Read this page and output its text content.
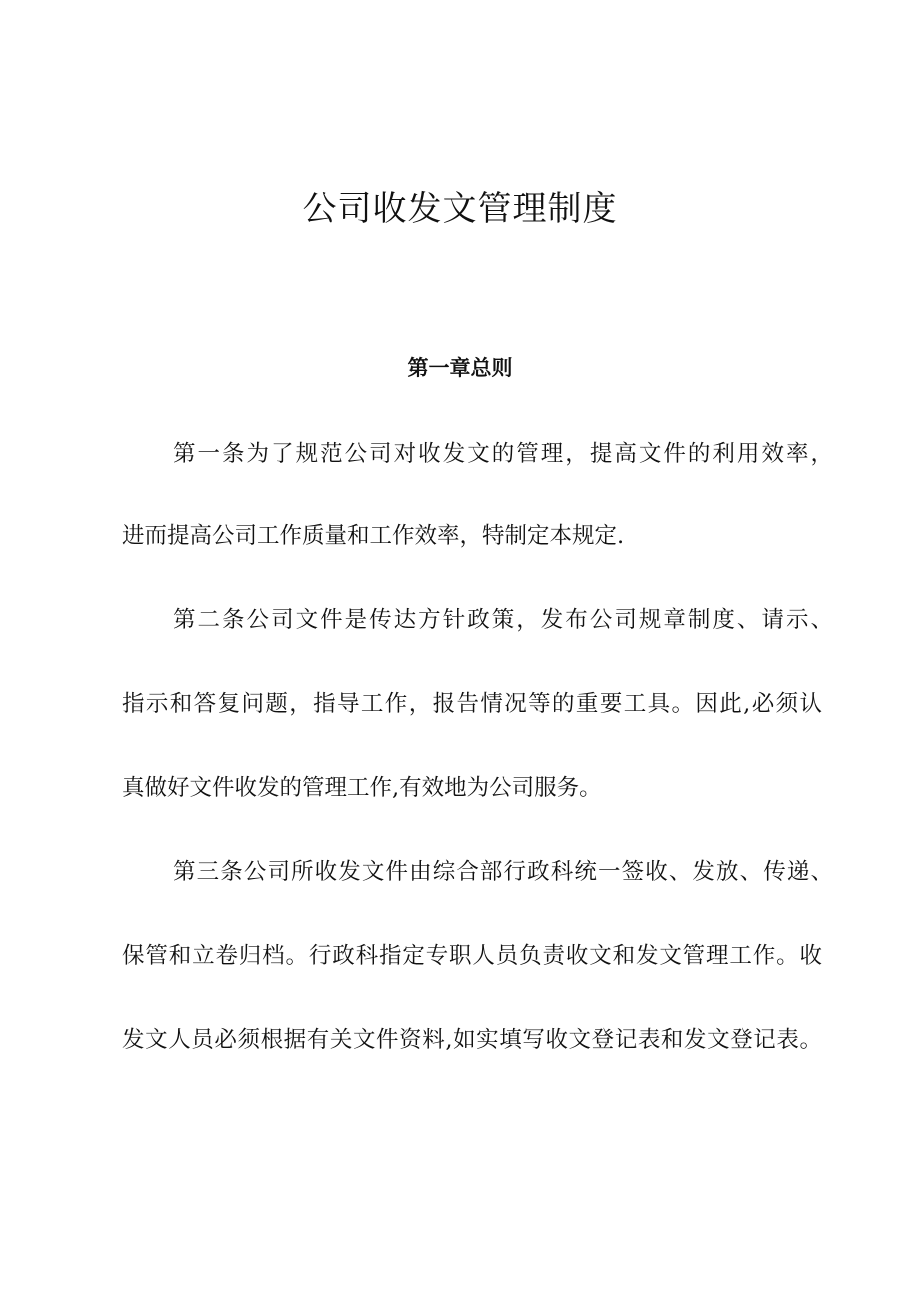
公司收发文管理制度
第一章总则

第一条为了规范公司对收发文的管理，提高文件的利用效率，

进而提高公司工作质量和工作效率，特制定本规定.

第二条公司文件是传达方针政策，发布公司规章制度、请示、

指示和答复问题，指导工作，报告情况等的重要工具。因此,必须认

真做好文件收发的管理工作,有效地为公司服务。

第三条公司所收发文件由综合部行政科统一签收、发放、传递、

保管和立卷归档。行政科指定专职人员负责收文和发文管理工作。收

发文人员必须根据有关文件资料,如实填写收文登记表和发文登记表。
